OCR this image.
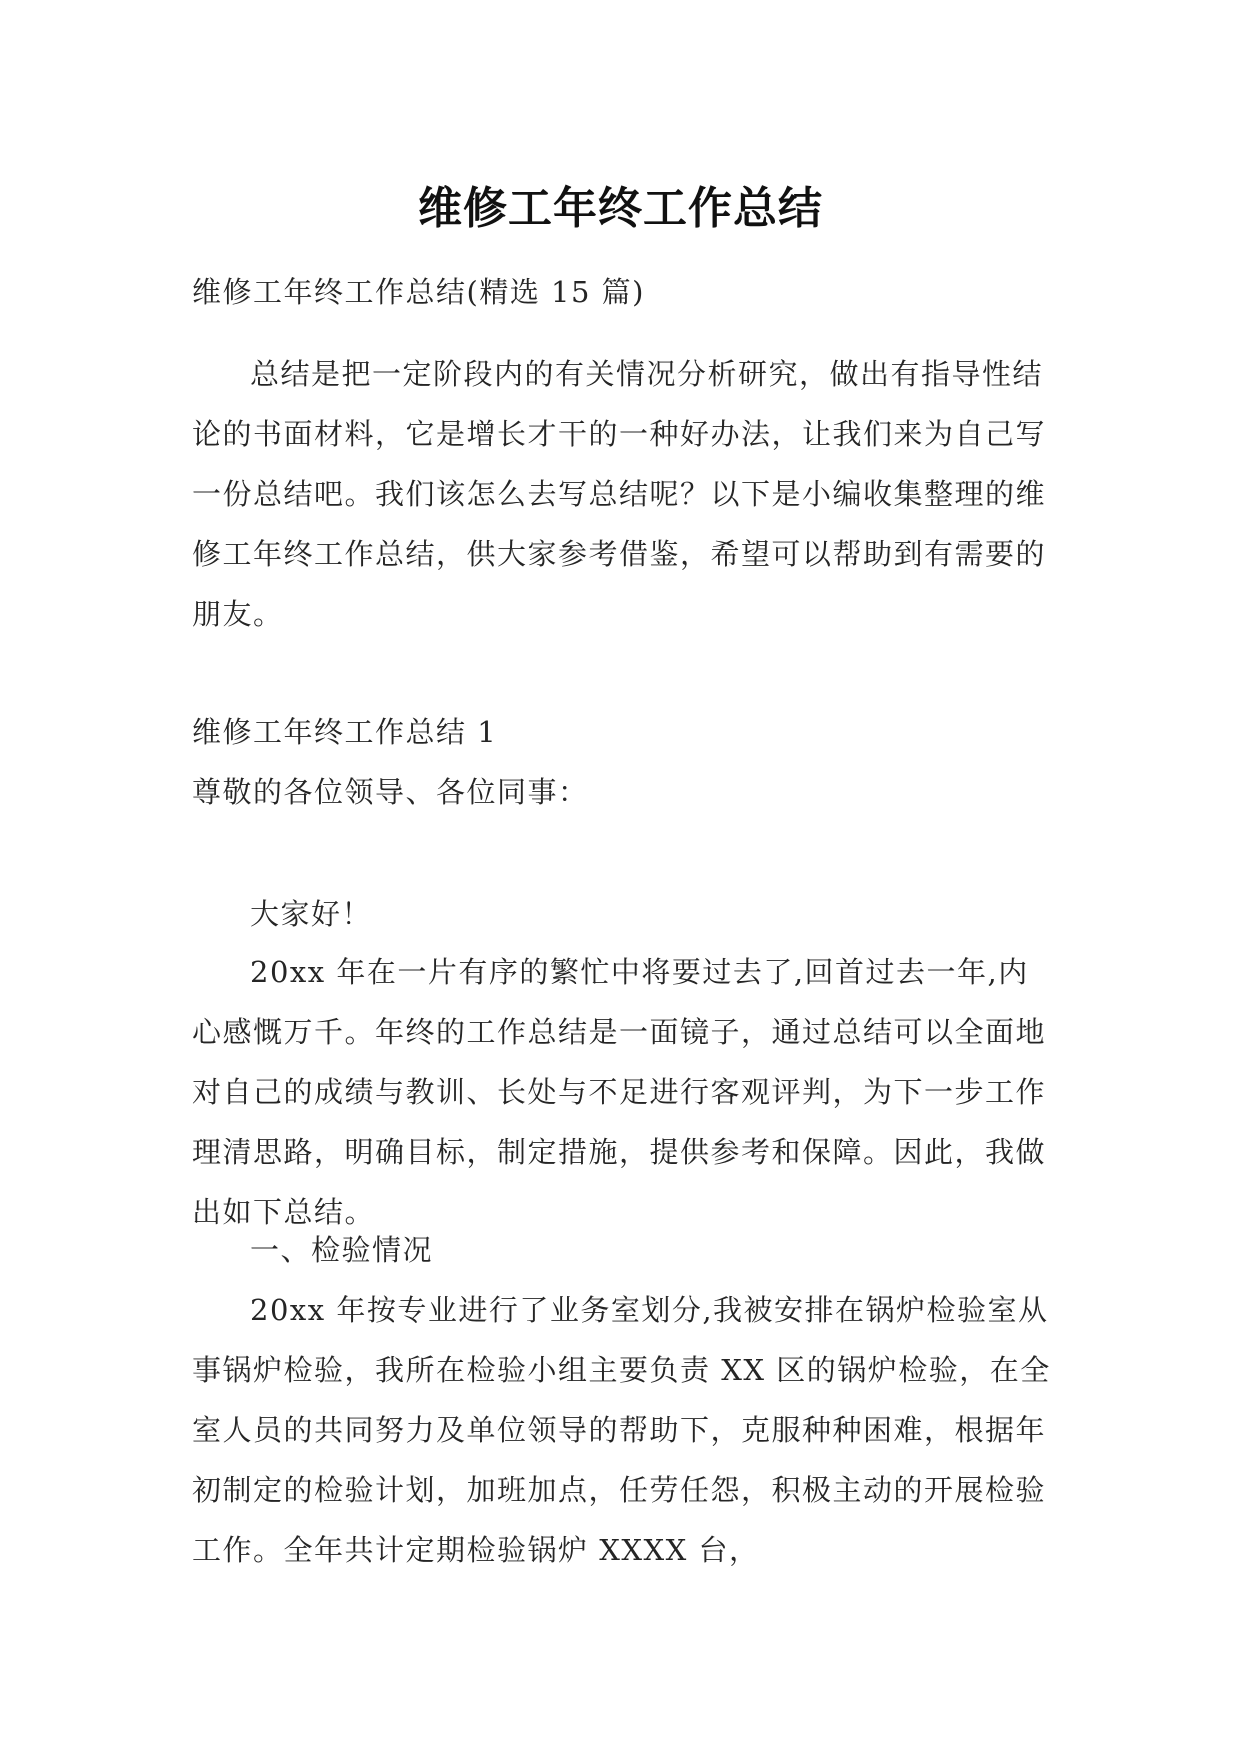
维修工年终工作总结

维修工年终工作总结(精选 15 篇)

总结是把一定阶段内的有关情况分析研究，做出有指导性结论的书面材料，它是增长才干的一种好办法，让我们来为自己写一份总结吧。我们该怎么去写总结呢？以下是小编收集整理的维修工年终工作总结，供大家参考借鉴，希望可以帮助到有需要的朋友。

维修工年终工作总结 1

尊敬的各位领导、各位同事：

大家好！

20xx 年在一片有序的繁忙中将要过去了,回首过去一年,内心感慨万千。年终的工作总结是一面镜子，通过总结可以全面地对自己的成绩与教训、长处与不足进行客观评判，为下一步工作理清思路，明确目标，制定措施，提供参考和保障。因此，我做出如下总结。

一、检验情况

20xx 年按专业进行了业务室划分,我被安排在锅炉检验室从事锅炉检验，我所在检验小组主要负责 XX 区的锅炉检验，在全室人员的共同努力及单位领导的帮助下，克服种种困难，根据年初制定的检验计划，加班加点，任劳任怨，积极主动的开展检验工作。全年共计定期检验锅炉 XXXX 台，
